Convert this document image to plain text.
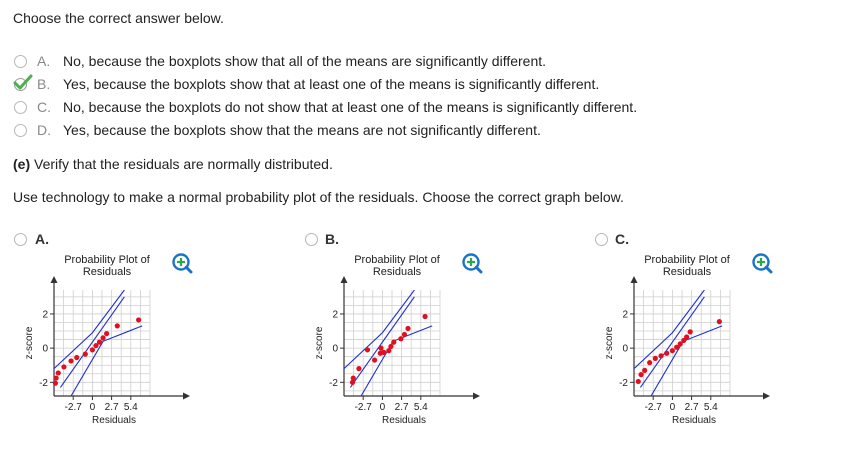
Choose the correct answer below.
A. No, because the boxplots show that all of the means are significantly different.
B. Yes, because the boxplots show that at least one of the means is significantly different.
C. No, because the boxplots do not show that at least one of the means is significantly different.
D. Yes, because the boxplots show that the means are not significantly different.
(e) Verify that the residuals are normally distributed.
Use technology to make a normal probability plot of the residuals. Choose the correct graph below.
A.
Probability Plot of
Residuals
-2.7 0 2.7 5.4
2
0
-2
Residuals
z-score
B.
Probability Plot of
Residuals
-2.7 0 2.7 5.4
2
0
-2
Residuals
z-score
C.
Probability Plot of
Residuals
-2.7 0 2.7 5.4
2
0
-2
Residuals
z-score
